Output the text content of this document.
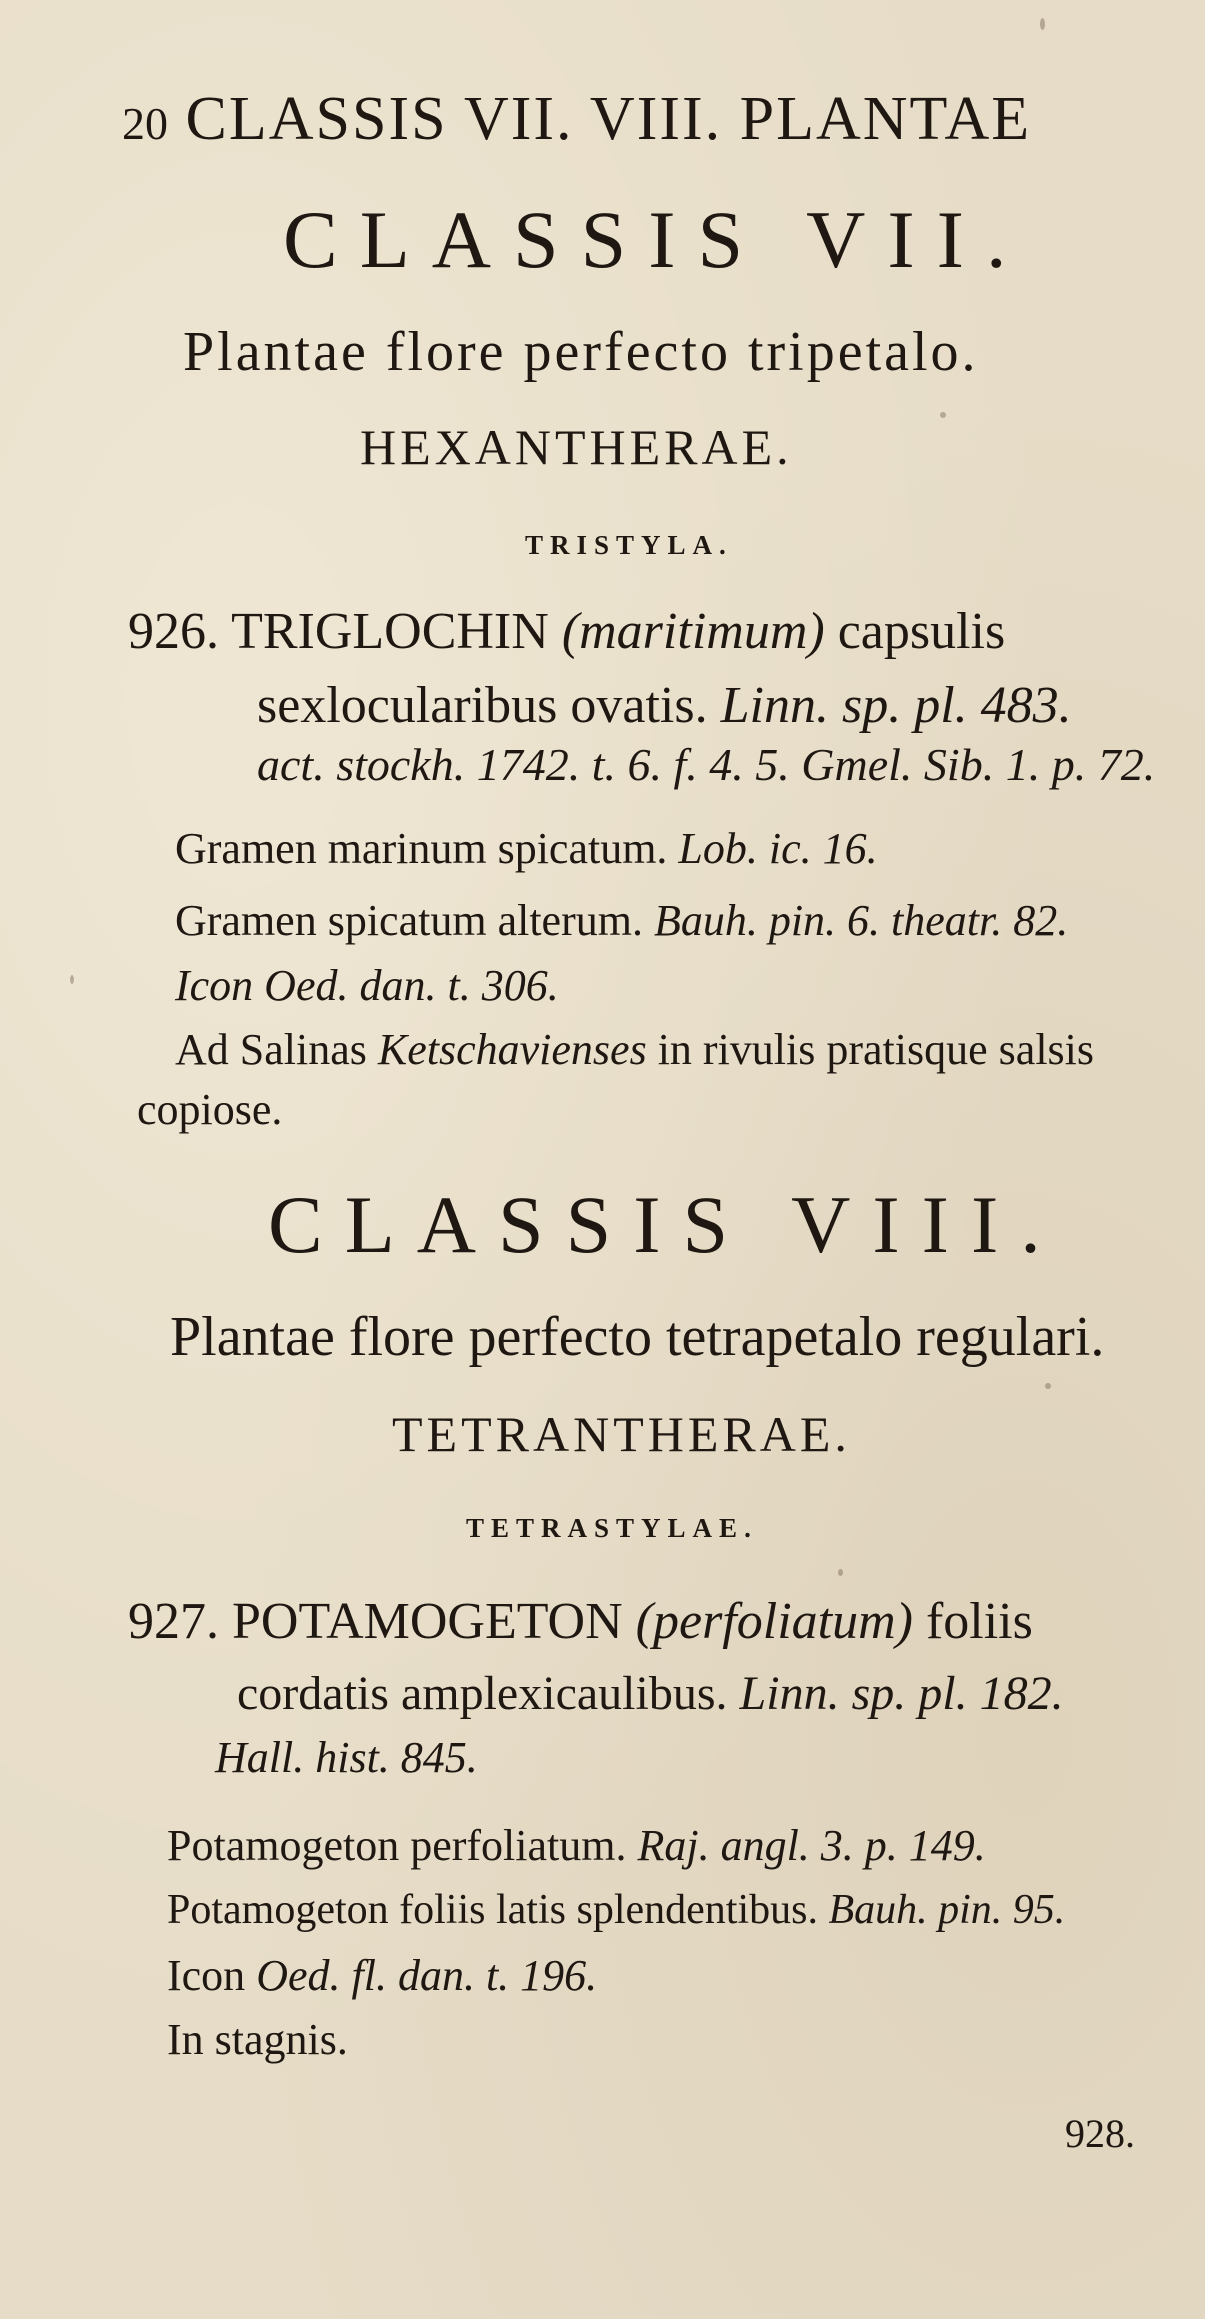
20 CLASSIS VII. VIII. PLANTAE
CLASSIS VII.
Plantae flore perfecto tripetalo.
HEXANTHERAE.
TRISTYLA.
926. TRIGLOCHIN (maritimum) capsulis
sexlocularibus ovatis. Linn. sp. pl. 483.
act. stockh. 1742. t. 6. f. 4. 5. Gmel. Sib. 1. p. 72.
Gramen marinum spicatum. Lob. ic. 16.
Gramen spicatum alterum. Bauh. pin. 6. theatr. 82.
Icon Oed. dan. t. 306.
Ad Salinas Ketschavienses in rivulis pratisque salsis
copiose.
CLASSIS VIII.
Plantae flore perfecto tetrapetalo regulari.
TETRANTHERAE.
TETRASTYLAE.
927. POTAMOGETON (perfoliatum) foliis
cordatis amplexicaulibus. Linn. sp. pl. 182.
Hall. hist. 845.
Potamogeton perfoliatum. Raj. angl. 3. p. 149.
Potamogeton foliis latis splendentibus. Bauh. pin. 95.
Icon Oed. fl. dan. t. 196.
In stagnis.
928.
